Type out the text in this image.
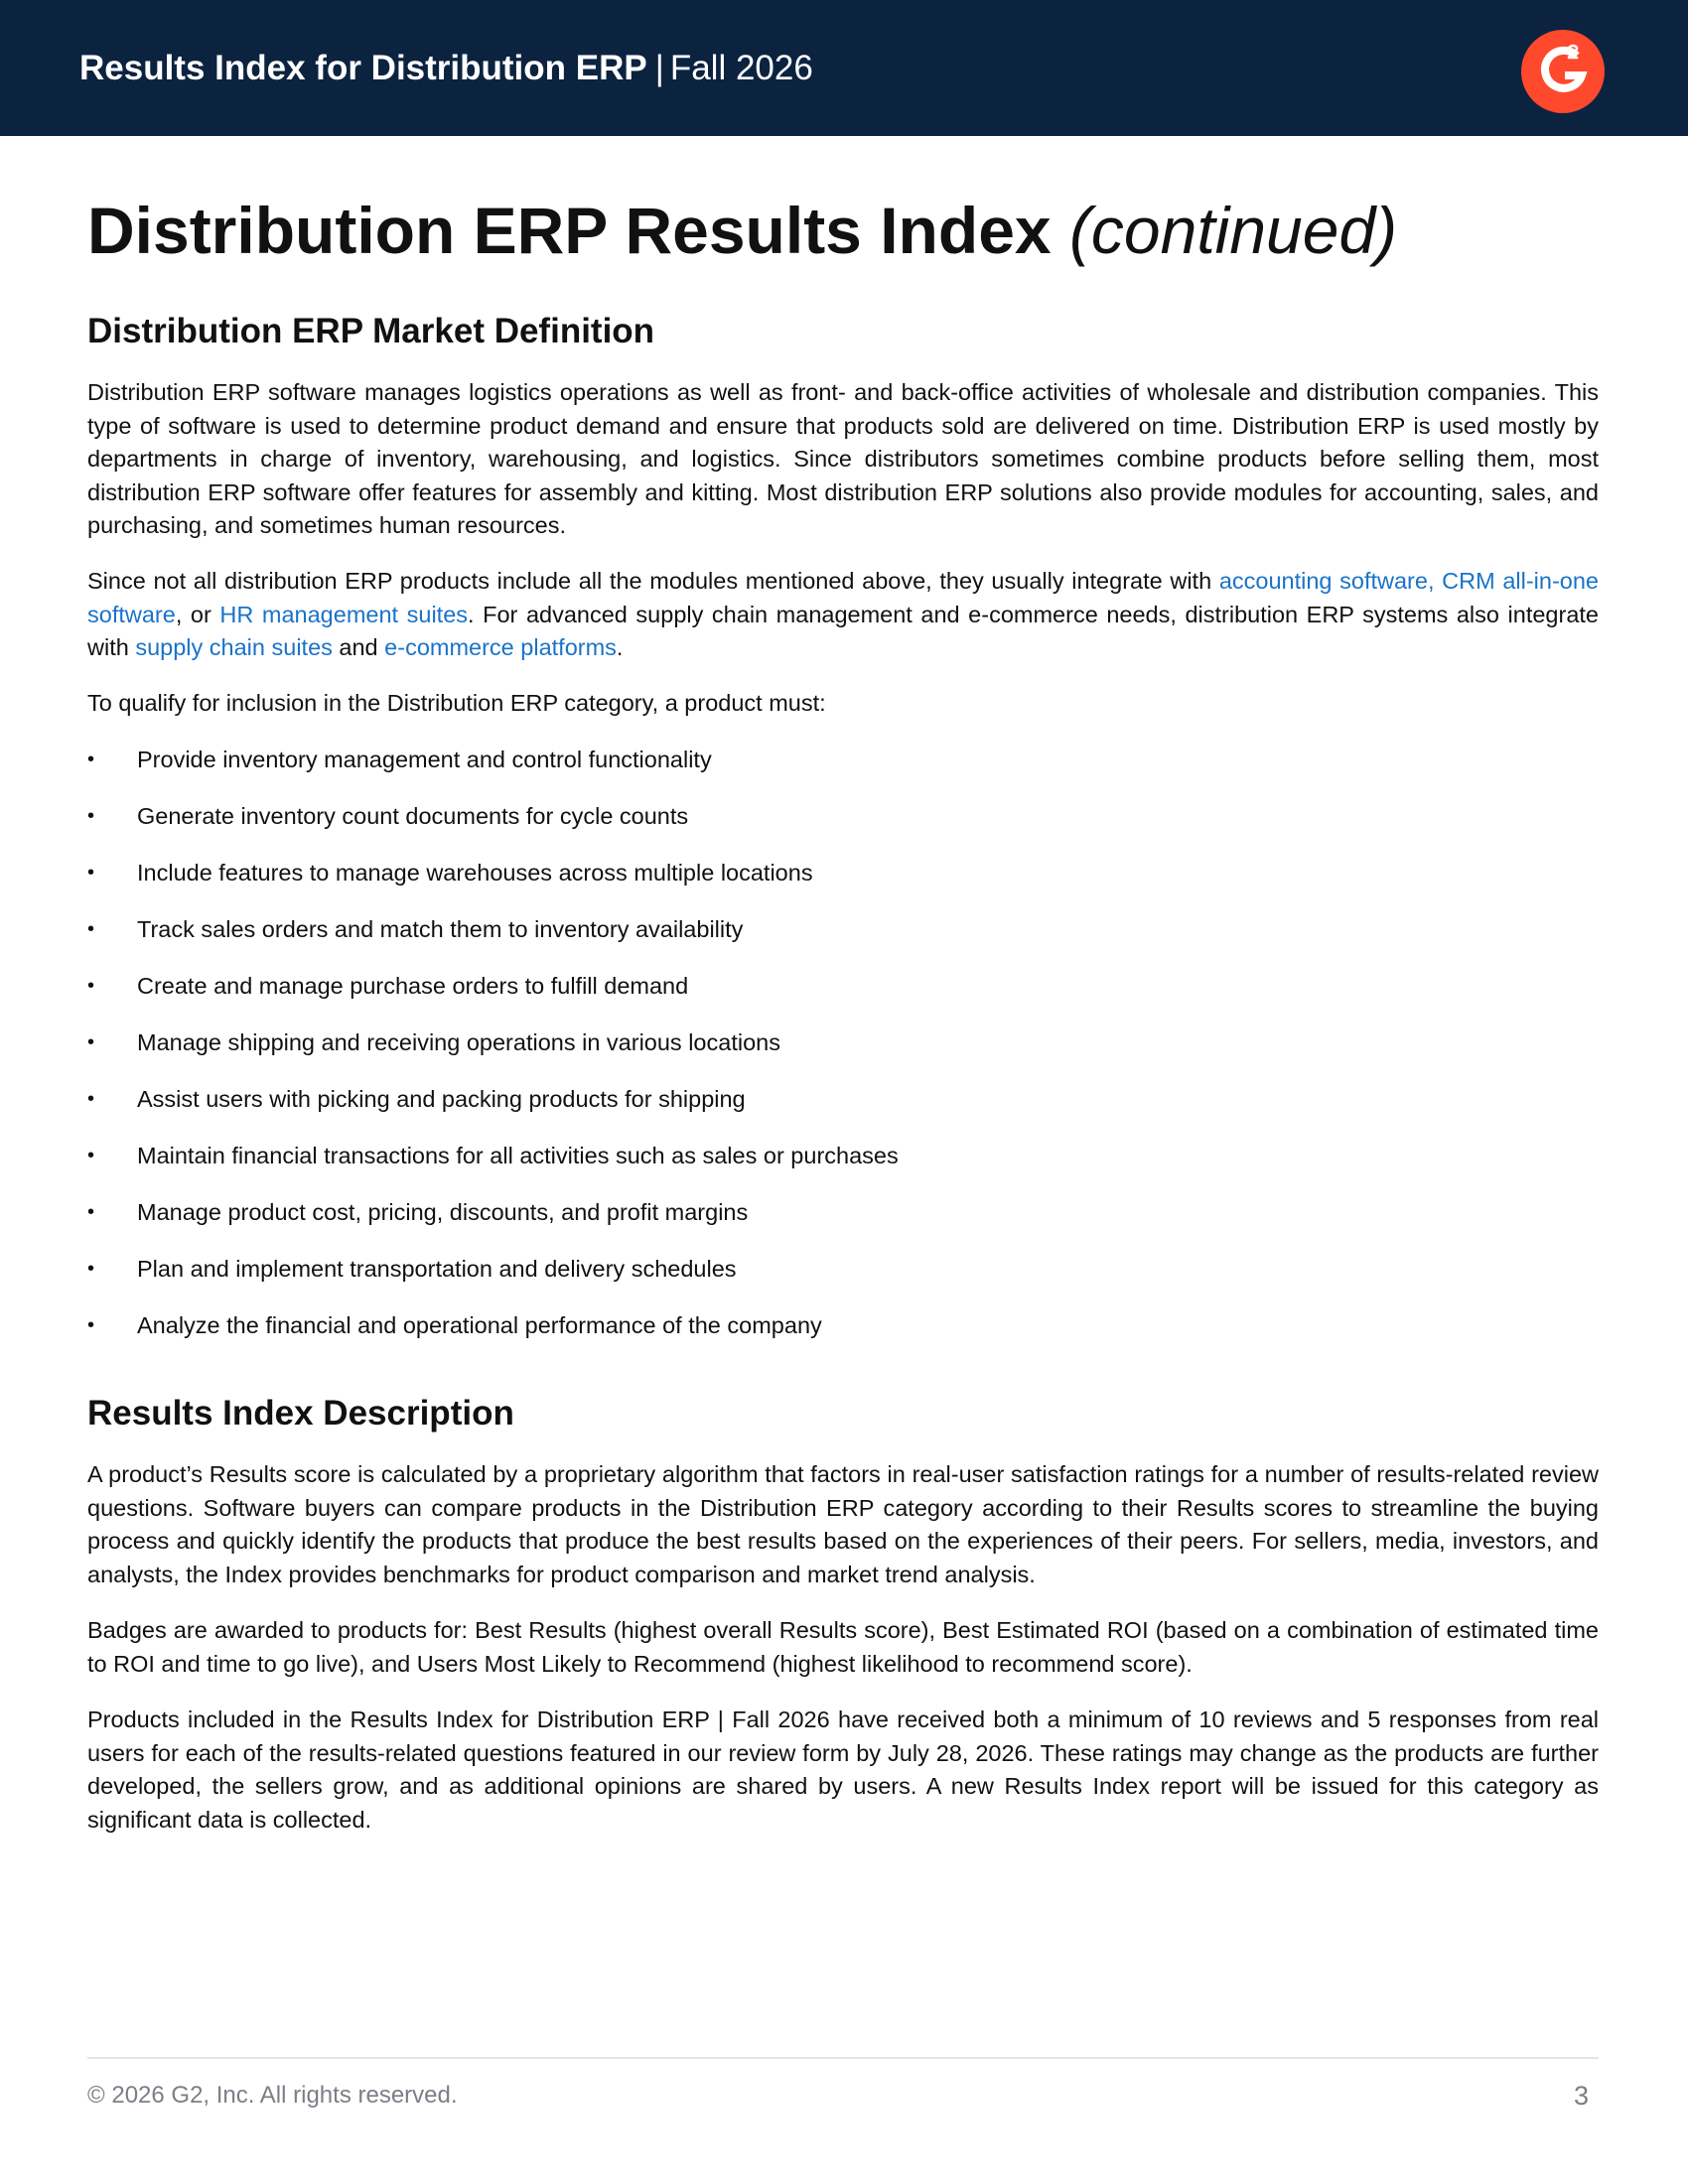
Results Index for Distribution ERP | Fall 2026
Distribution ERP Results Index (continued)
Distribution ERP Market Definition

Distribution ERP software manages logistics operations as well as front- and back-office activities of wholesale and distribution companies. This type of software is used to determine product demand and ensure that products sold are delivered on time. Distribution ERP is used mostly by departments in charge of inventory, warehousing, and logistics. Since distributors sometimes combine products before selling them, most distribution ERP software offer features for assembly and kitting. Most distribution ERP solutions also provide modules for accounting, sales, and purchasing, and sometimes human resources.

Since not all distribution ERP products include all the modules mentioned above, they usually integrate with accounting software, CRM all-in-one software, or HR management suites. For advanced supply chain management and e-commerce needs, distribution ERP systems also integrate with supply chain suites and e-commerce platforms.

To qualify for inclusion in the Distribution ERP category, a product must:

• Provide inventory management and control functionality
• Generate inventory count documents for cycle counts
• Include features to manage warehouses across multiple locations
• Track sales orders and match them to inventory availability
• Create and manage purchase orders to fulfill demand
• Manage shipping and receiving operations in various locations
• Assist users with picking and packing products for shipping
• Maintain financial transactions for all activities such as sales or purchases
• Manage product cost, pricing, discounts, and profit margins
• Plan and implement transportation and delivery schedules
• Analyze the financial and operational performance of the company
Results Index Description

A product’s Results score is calculated by a proprietary algorithm that factors in real-user satisfaction ratings for a number of results-related review questions. Software buyers can compare products in the Distribution ERP category according to their Results scores to streamline the buying process and quickly identify the products that produce the best results based on the experiences of their peers. For sellers, media, investors, and analysts, the Index provides benchmarks for product comparison and market trend analysis.

Badges are awarded to products for: Best Results (highest overall Results score), Best Estimated ROI (based on a combination of estimated time to ROI and time to go live), and Users Most Likely to Recommend (highest likelihood to recommend score).

Products included in the Results Index for Distribution ERP | Fall 2026 have received both a minimum of 10 reviews and 5 responses from real users for each of the results-related questions featured in our review form by July 28, 2026. These ratings may change as the products are further developed, the sellers grow, and as additional opinions are shared by users. A new Results Index report will be issued for this category as significant data is collected.

© 2026 G2, Inc. All rights reserved.	3
